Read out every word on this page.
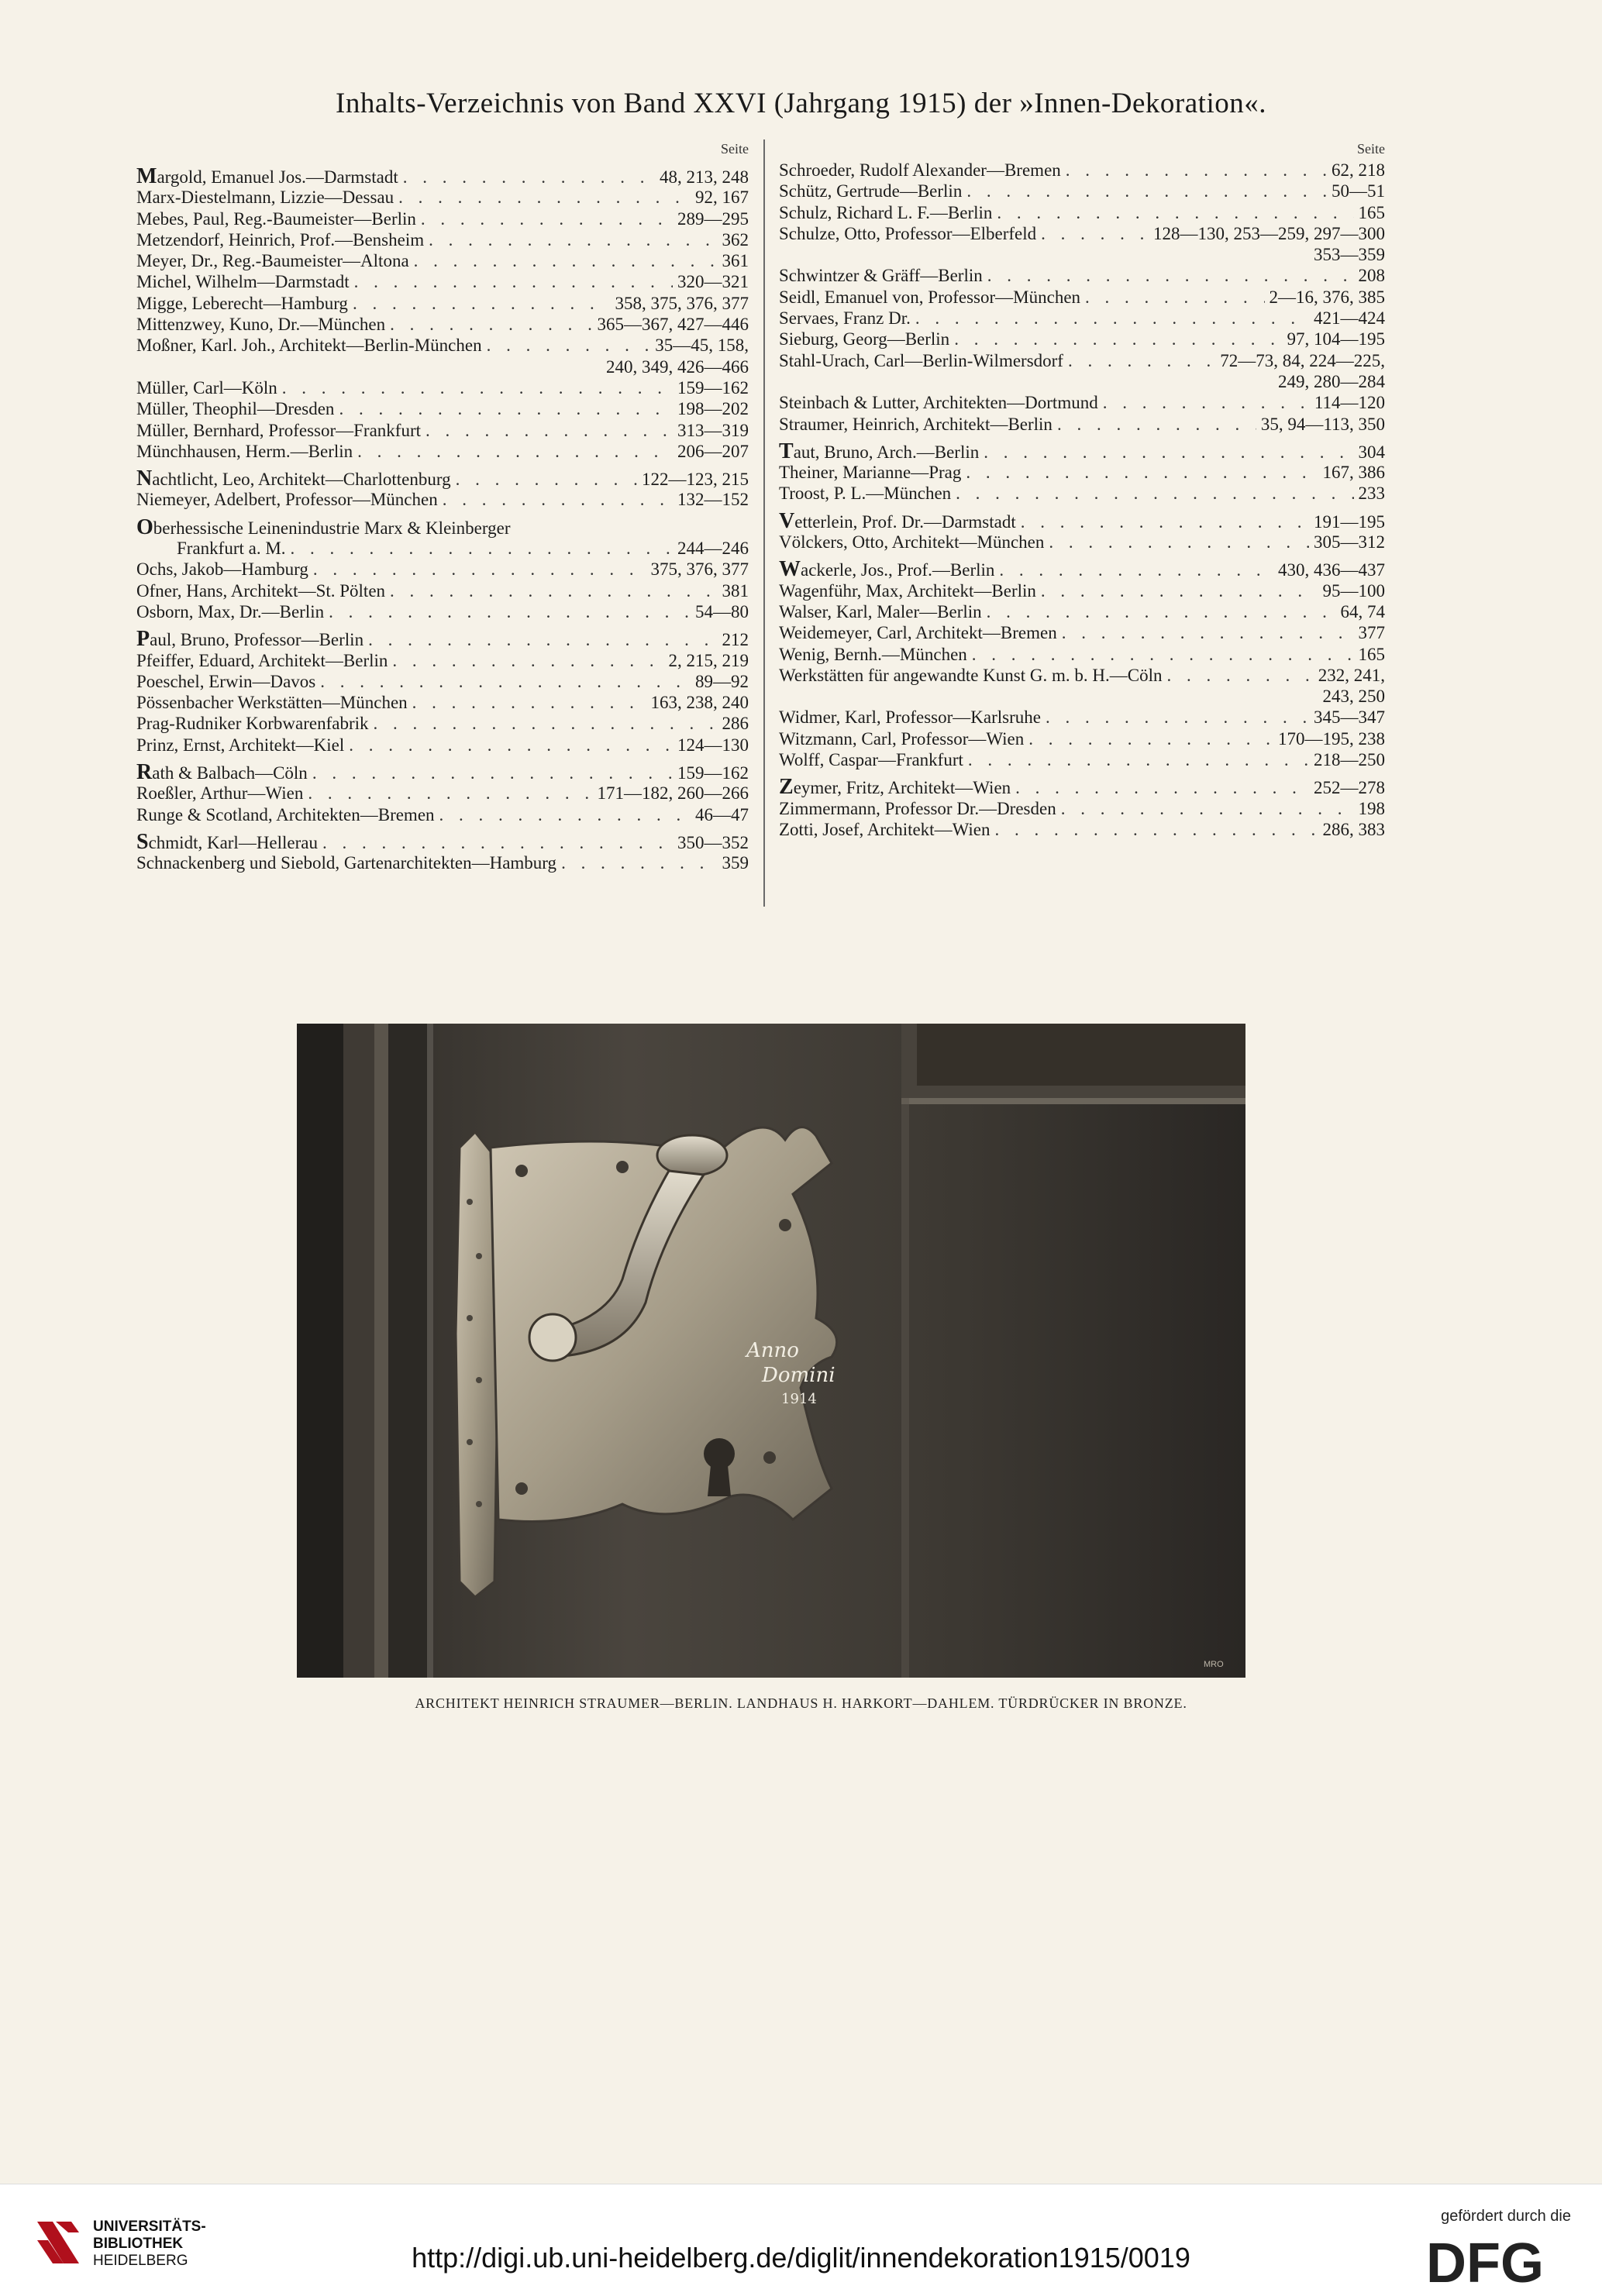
Inhalts-Verzeichnis von Band XXVI (Jahrgang 1915) der »Innen-Dekoration«.
Seite
Margold, Emanuel Jos.—Darmstadt . . .	48, 213, 248
Marx-Diestelmann, Lizzie—Dessau . . .	92, 167
Mebes, Paul, Reg.-Baumeister—Berlin . . .	289—295
Metzendorf, Heinrich, Prof.—Bensheim . . .	362
Meyer, Dr., Reg.-Baumeister—Altona . . .	361
Michel, Wilhelm—Darmstadt . . .	320—321
Migge, Leberecht—Hamburg . . .	358, 375, 376, 377
Mittenzwey, Kuno, Dr.—München . . .	365—367, 427—446
Moßner, Karl. Joh., Architekt—Berlin-München . . .	35—45, 158,
240, 349, 426—466
Müller, Carl—Köln . . .	159—162
Müller, Theophil—Dresden . . .	198—202
Müller, Bernhard, Professor—Frankfurt . . .	313—319
Münchhausen, Herm.—Berlin . . .	206—207
Nachtlicht, Leo, Architekt—Charlottenburg . . .	122—123, 215
Niemeyer, Adelbert, Professor—München . . .	132—152
Oberhessische Leinenindustrie Marx & Kleinberger
Frankfurt a. M. . . .	244—246
Ochs, Jakob—Hamburg . . .	375, 376, 377
Ofner, Hans, Architekt—St. Pölten . . .	381
Osborn, Max, Dr.—Berlin . . .	54—80
Paul, Bruno, Professor—Berlin . . .	212
Pfeiffer, Eduard, Architekt—Berlin . . .	2, 215, 219
Poeschel, Erwin—Davos . . .	89—92
Pössenbacher Werkstätten—München . . .	163, 238, 240
Prag-Rudniker Korbwarenfabrik . . .	286
Prinz, Ernst, Architekt—Kiel . . .	124—130
Rath & Balbach—Cöln . . .	159—162
Roeßler, Arthur—Wien . . .	171—182, 260—266
Runge & Scotland, Architekten—Bremen . . .	46—47
Schmidt, Karl—Hellerau . . .	350—352
Schnackenberg und Siebold, Gartenarchitekten—Hamburg . . .	359
Seite
Schroeder, Rudolf Alexander—Bremen . . .	62, 218
Schütz, Gertrude—Berlin . . .	50—51
Schulz, Richard L. F.—Berlin . . .	165
Schulze, Otto, Professor—Elberfeld . . .	128—130, 253—259, 297—300
353—359
Schwintzer & Gräff—Berlin . . .	208
Seidl, Emanuel von, Professor—München . . .	2—16, 376, 385
Servaes, Franz Dr. . . .	421—424
Sieburg, Georg—Berlin . . .	97, 104—195
Stahl-Urach, Carl—Berlin-Wilmersdorf . . .	72—73, 84, 224—225,
249, 280—284
Steinbach & Lutter, Architekten—Dortmund . . .	114—120
Straumer, Heinrich, Architekt—Berlin . . .	35, 94—113, 350
Taut, Bruno, Arch.—Berlin . . .	304
Theiner, Marianne—Prag . . .	167, 386
Troost, P. L.—München . . .	233
Vetterlein, Prof. Dr.—Darmstadt . . .	191—195
Völckers, Otto, Architekt—München . . .	305—312
Wackerle, Jos., Prof.—Berlin . . .	430, 436—437
Wagenführ, Max, Architekt—Berlin . . .	95—100
Walser, Karl, Maler—Berlin . . .	64, 74
Weidemeyer, Carl, Architekt—Bremen . . .	377
Wenig, Bernh.—München . . .	165
Werkstätten für angewandte Kunst G. m. b. H.—Cöln . . .	232, 241,
243, 250
Widmer, Karl, Professor—Karlsruhe . . .	345—347
Witzmann, Carl, Professor—Wien . . .	170—195, 238
Wolff, Caspar—Frankfurt . . .	218—250
Zeymer, Fritz, Architekt—Wien . . .	252—278
Zimmermann, Professor Dr.—Dresden . . .	198
Zotti, Josef, Architekt—Wien . . .	286, 383
Anno
Domini
1914
MRO
ARCHITEKT HEINRICH STRAUMER—BERLIN. LANDHAUS H. HARKORT—DAHLEM. TÜRDRÜCKER IN BRONZE.
UNIVERSITÄTS-
BIBLIOTHEK
HEIDELBERG	http://digi.ub.uni-heidelberg.de/diglit/innendekoration1915/0019
gefördert durch die
DFG
